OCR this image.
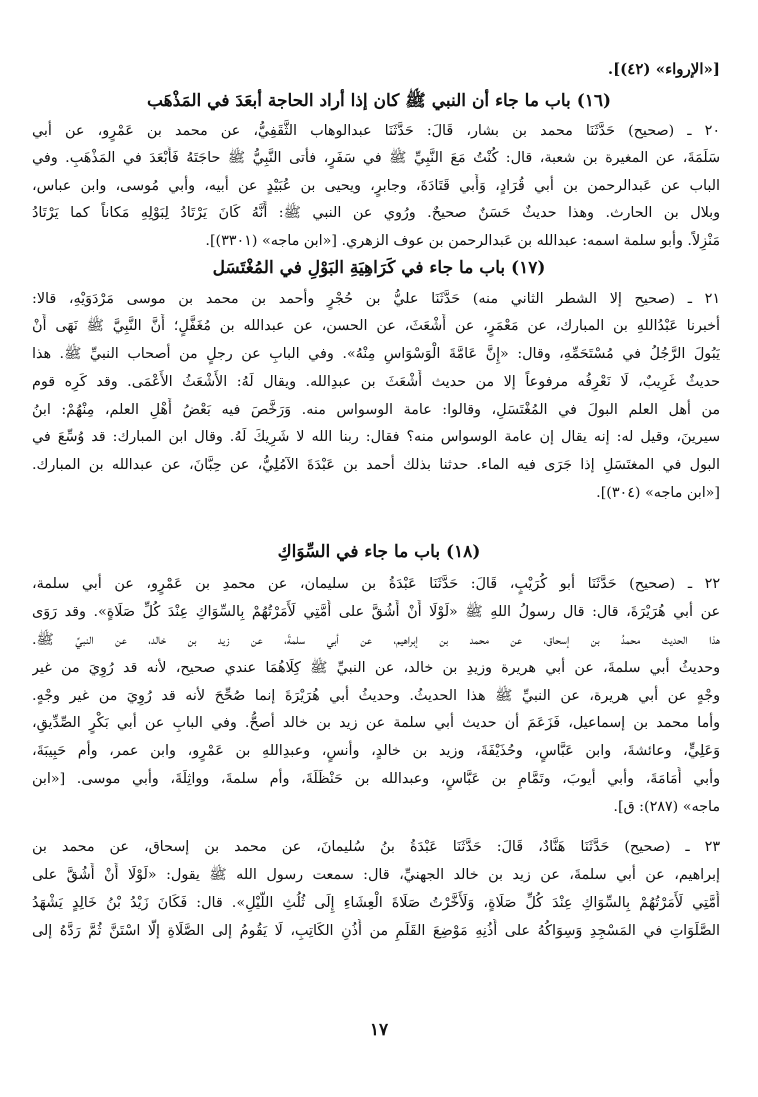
[«الإرواء» (٤٢)].
(١٦) باب ما جاء أن النبي ﷺ كان إذا أراد الحاجة أبعَدَ في المَذْهَب
٢٠ ـ (صحيح) حَدَّثَنَا محمد بن بشار، قَالَ: حَدَّثَنَا عبدالوهاب الثَّقَفِيُّ، عن محمد بن عَمْرٍو، عن أبي
سَلَمَةَ، عن المغيرة بن شعبة، قال: كُنْتُ مَعَ النَّبِيِّ ﷺ في سَفَرٍ، فأتى النَّبِيُّ ﷺ حاجَتَهُ فَأَبْعَدَ في المَذْهَبِ. وفي
الباب عن عَبدالرحمن بن أبي قُرَادٍ، وَأَبي قَتَادَةَ، وجابرٍ، ويحيى بن عُبَيْدٍ عن أبيه، وأبي مُوسى، وابن عباس،
وبلال بن الحارث. وهذا حديثٌ حَسَنٌ صحيحٌ. ورُوي عن النبي ﷺ: أَنَّهُ كَانَ يَرْتَادُ لِبَوْلِهِ مَكاناً كما يَرْتَادُ
مَنْزِلاً. وأبو سلمة اسمه: عبدالله بن عَبدالرحمن بن عوف الزهري. [«ابن ماجه» (٣٣٠١)].
(١٧) باب ما جاء في كَرَاهِيَةِ البَوْلِ في المُغْتَسَل
٢١ ـ (صحيح إلا الشطر الثاني منه) حَدَّثَنَا عليُّ بن حُجْرٍ وأحمد بن محمد بن موسى مَرْدَوَيْهِ، قالا:
أخبرنا عَبْدُاللهِ بن المبارك، عن مَعْمَرٍ، عن أَشْعَثَ، عن الحسن، عن عبدالله بن مُغَفَّلٍ؛ أَنَّ النَّبِيَّ ﷺ نَهَى أَنْ
يَبُولَ الرَّجُلُ في مُسْتَحَمِّهِ، وقال: «إِنَّ عَامَّةَ الْوَسْوَاسِ مِنْهُ». وفي البابِ عن رجلٍ من أصحاب النبيِّ ﷺ. هذا
حديثٌ غَرِيبٌ، لَا نَعْرِفُه مرفوعاً إلا من حديث أَشْعَثَ بن عبدِالله. ويقال لَهُ: الأَشْعَثُ الأَعْمَى. وقد كَرِه قوم
من أهل العلم البولَ في المُغْتَسَلِ، وقالوا: عامة الوسواس منه. وَرَخَّصَ فيه بَعْضُ أَهْلِ العلم، مِنْهُمْ: ابنُ
سيرينَ، وقيل له: إنه يقال إن عامة الوسواس منه؟ فقال: ربنا الله لا شَرِيكَ لَهُ. وقال ابن المبارك: قد وُسِّعَ في
البول في المغتَسَلِ إذا جَرَى فيه الماء. حدثنا بذلك أحمد بن عَبْدَةَ الآمُلِيُّ، عن حِبَّانَ، عن عبدالله بن المبارك.
[«ابن ماجه» (٣٠٤)].
(١٨) باب ما جاء في السِّوَاكِ
٢٢ ـ (صحيح) حَدَّثَنَا أبو كُرَيْبٍ، قَالَ: حَدَّثَنَا عَبْدَةُ بن سليمان، عن محمدِ بن عَمْرٍو، عن أبي سلمة،
عن أبي هُرَيْرَةَ، قال: قال رسولُ اللهِ ﷺ «لَوْلَا أَنْ أَشُقَّ على أُمَّتِي لَأَمَرْتُهُمْ بِالسِّوَاكِ عِنْدَ كُلِّ صَلَاةٍ». وقد رَوَى
هذا الحديث محمدُ بن إسحاق، عن محمد بن إبراهيم، عن أبي سلمةَ، عن زيد بن خالد، عن النبيِّ ﷺ.
وحديثُ أبي سلمةَ، عن أبي هريرة وزيدِ بن خالد، عن النبيِّ ﷺ كِلَاهُمَا عندي صحيح، لأنه قد رُوِيَ من غير
وجْهٍ عن أبي هريرة، عن النبيِّ ﷺ هذا الحديثُ. وحديثُ أبي هُرَيْرَةَ إنما صُحِّحَ لأنه قد رُوِيَ من غير وجْهٍ.
وأما محمد بن إسماعيل، فَزَعَمَ أن حديث أبي سلمة عن زيد بن خالد أصحُّ. وفي البابِ عن أبي بَكْرٍ الصِّدِّيقِ،
وَعَلِيٍّ، وعائشةَ، وابن عَبَّاسٍ، وحُذَيْفَةَ، وزيد بن خالدٍ، وأنسٍ، وعبدِاللهِ بن عَمْرٍو، وابن عمر، وأم حَبِيبَةَ،
وأبي أُمَامَةَ، وأبي أيوبَ، وتَمَّامِ بن عَبَّاسٍ، وعبدالله بن حَنْظَلَةَ، وأم سلمةَ، وواثِلَةَ، وأبي موسى. [«ابن
ماجه» (٢٨٧): ق].
٢٣ ـ (صحيح) حَدَّثَنَا هَنَّادٌ، قَالَ: حَدَّثَنَا عَبْدَةُ بنُ سُليمانَ، عن محمد بن إسحاق، عن محمد بن
إبراهيم، عن أبي سلمةَ، عن زيد بن خالد الجهنيِّ، قال: سمعت رسول الله ﷺ يقول: «لَوْلَا أَنْ أَشُقَّ على
أُمَّتِي لَأَمَرْتُهُمْ بِالسِّوَاكِ عِنْدَ كُلِّ صَلَاةٍ، وَلَأَخَّرْتُ صَلَاةَ الْعِشَاءِ إِلَى ثُلُثِ اللَّيْلِ». قال: فَكَانَ زَيْدُ بْنُ خَالِدٍ يَشْهَدُ
الصَّلَوَاتِ في المَسْجِدِ وَسِوَاكُهُ على أُذُنِهِ مَوْضِعَ القَلَمِ من أُذُنِ الكَاتِبِ، لَا يَقُومُ إلى الصَّلَاةِ إلَّا اسْتَنَّ ثُمَّ رَدَّهُ إلى
١٧
